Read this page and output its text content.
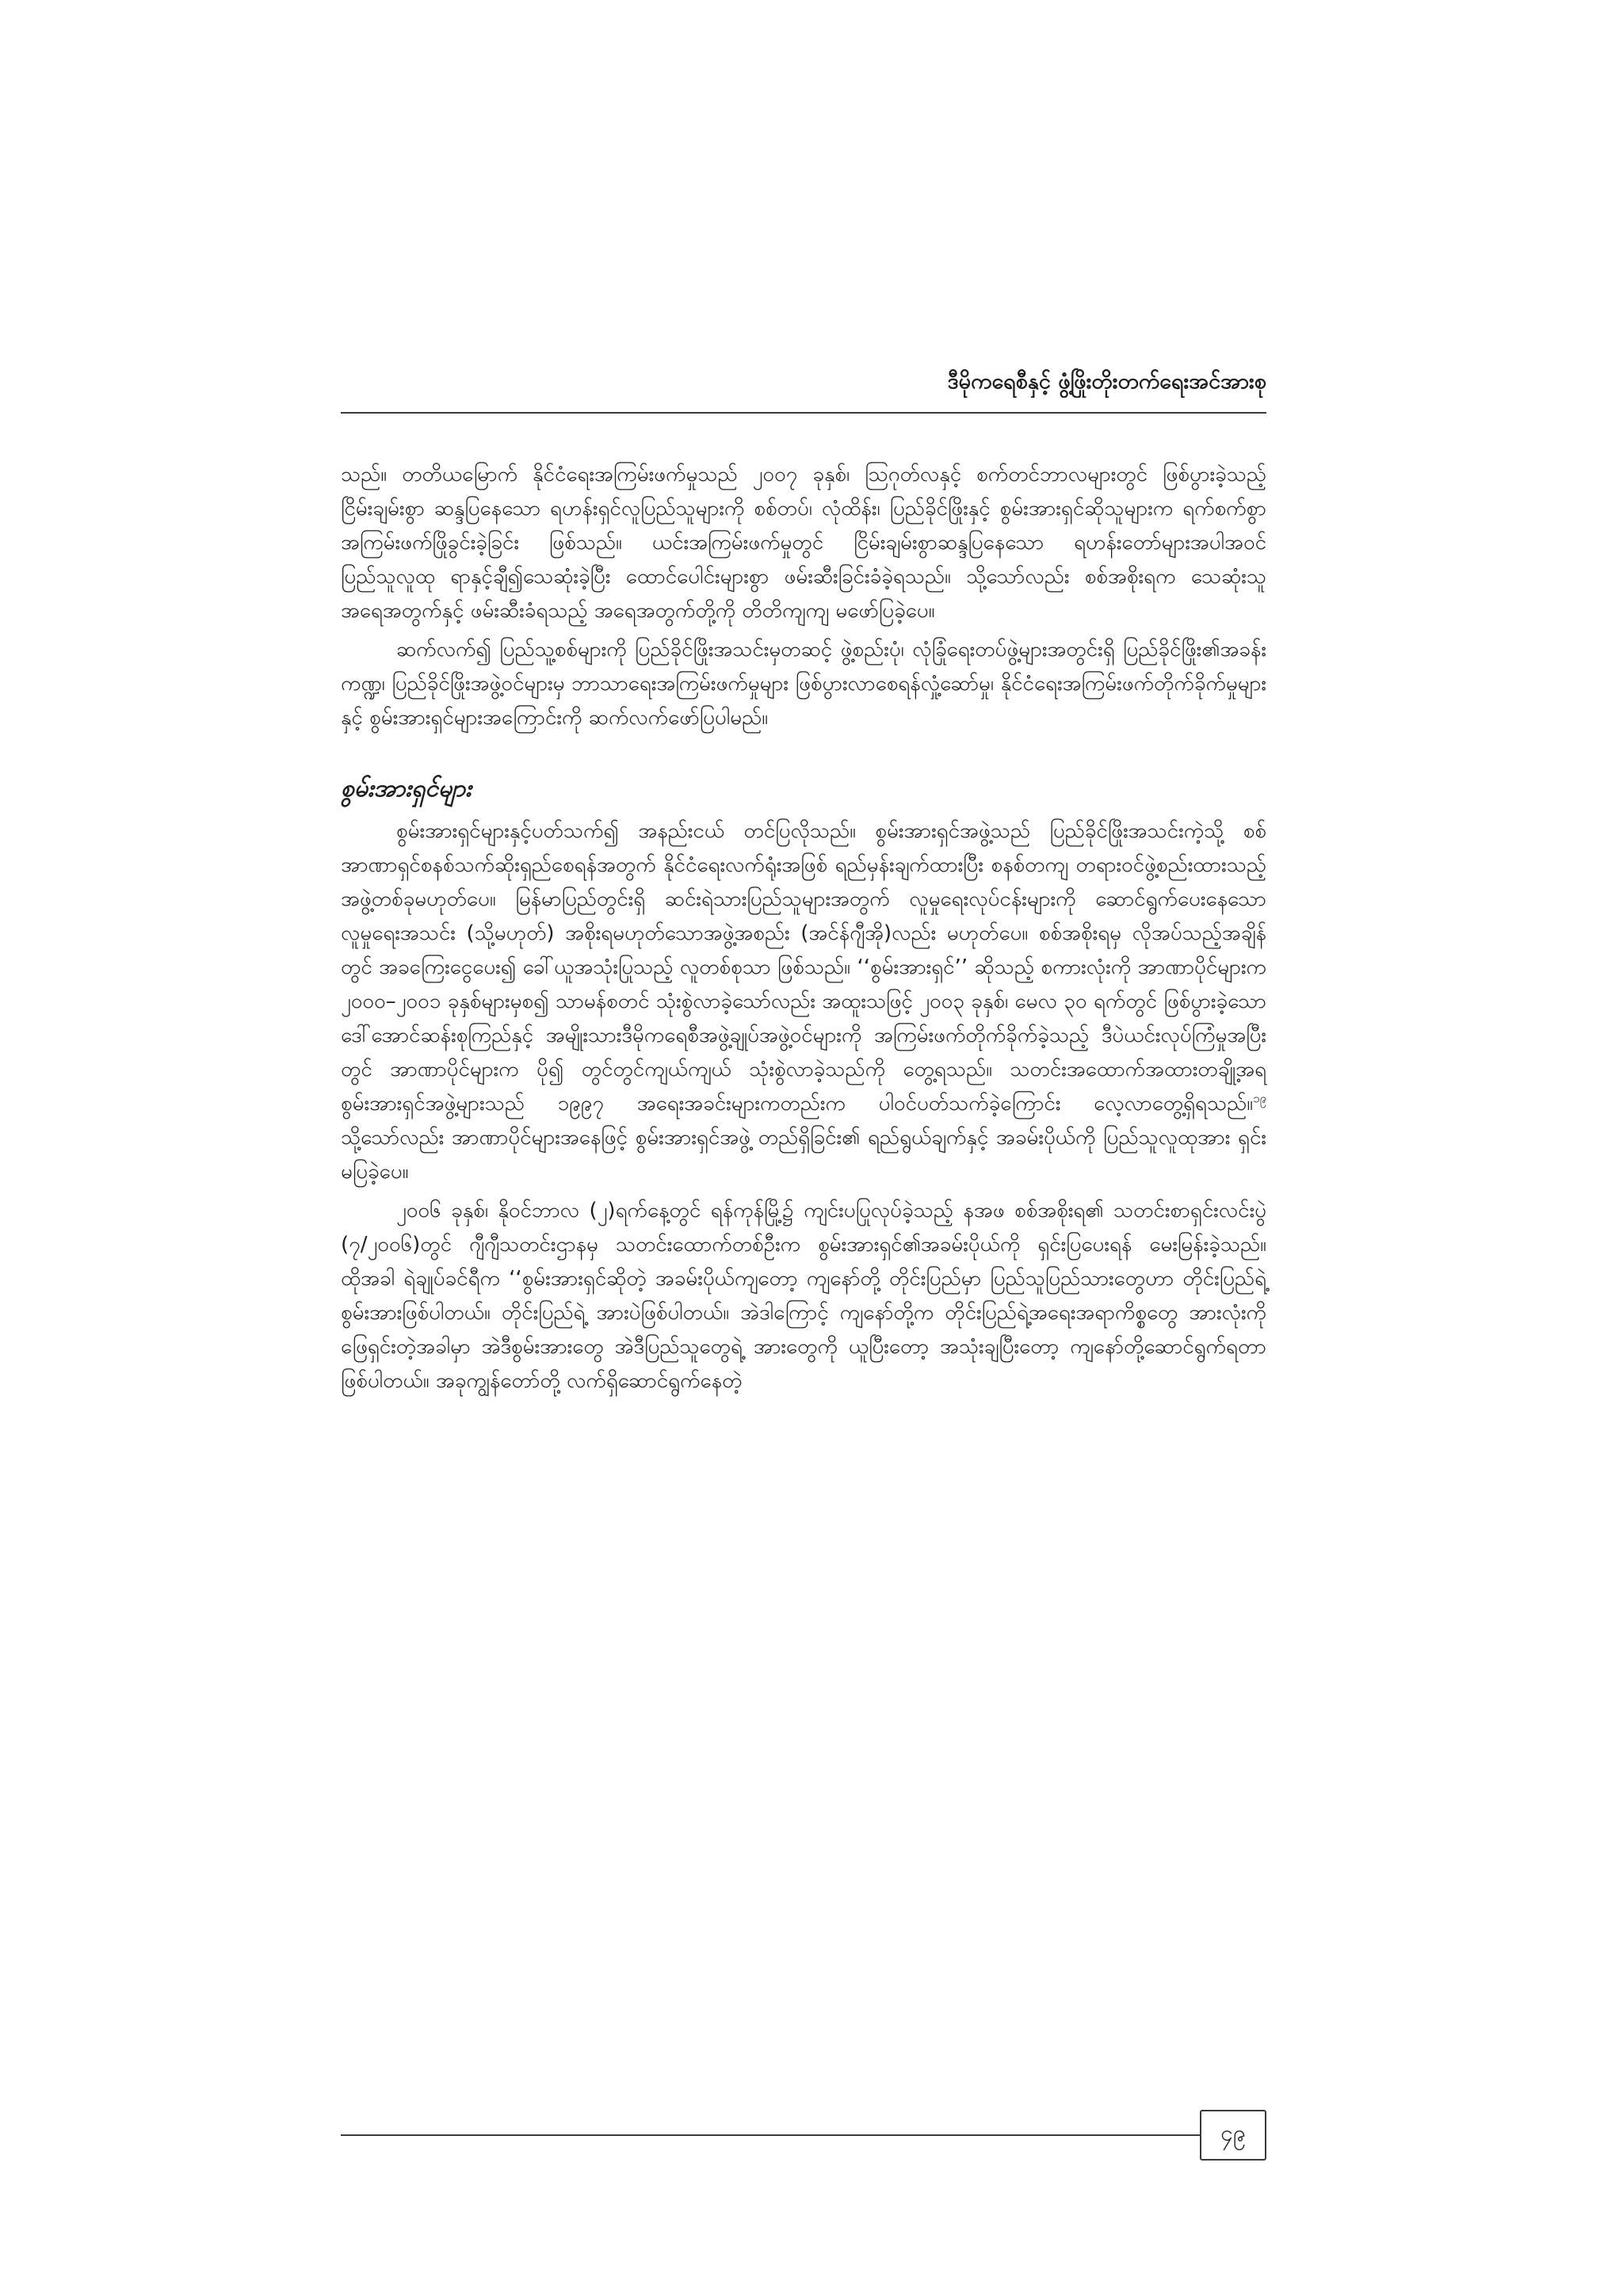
ဒီမိုကရေစီနှင့် ဖွံ့ဖြိုးတိုးတက်ရေးအင်အားစု

သည်။ တတိယမြောက် နိုင်ငံရေးအကြမ်းဖက်မှုသည် ၂၀၀၇ ခုနှစ်၊ သြဂုတ်လနှင့် စက်တင်ဘာလများတွင် ဖြစ်ပွားခဲ့သည့် ငြိမ်းချမ်းစွာ ဆန္ဒပြနေသော ရဟန်းရှင်လူပြည်သူများကို စစ်တပ်၊ လုံထိန်း၊ ပြည်ခိုင်ဖြိုးနှင့် စွမ်းအားရှင်ဆိုသူများက ရက်စက်စွာအကြမ်းဖက်ဖြိုခွင်းခဲ့ခြင်း ဖြစ်သည်။ ယင်းအကြမ်းဖက်မှုတွင် ငြိမ်းချမ်းစွာဆန္ဒပြနေသော ရဟန်းတော်များအပါအဝင် ပြည်သူလူထု ရာနှင့်ချီ၍သေဆုံးခဲ့ပြီး ထောင်ပေါင်းများစွာ ဖမ်းဆီးခြင်းခံခဲ့ရသည်။ သို့သော်လည်း စစ်အစိုးရက သေဆုံးသူအရေအတွက်နှင့် ဖမ်းဆီးခံရသည့် အရေအတွက်တို့ကို တိတိကျကျ မဖော်ပြခဲ့ပေ။

ဆက်လက်၍ ပြည်သူ့စစ်များကို ပြည်ခိုင်ဖြိုးအသင်းမှတဆင့် ဖွဲ့စည်းပုံ၊ လုံခြုံရေးတပ်ဖွဲ့များအတွင်းရှိ ပြည်ခိုင်ဖြိုး၏အခန်းကဏ္ဍ၊ ပြည်ခိုင်ဖြိုးအဖွဲ့ဝင်များမှ ဘာသာရေးအကြမ်းဖက်မှုများ ဖြစ်ပွားလာစေရန်လှုံ့ဆော်မှု၊ နိုင်ငံရေးအကြမ်းဖက်တိုက်ခိုက်မှုများနှင့် စွမ်းအားရှင်များအကြောင်းကို ဆက်လက်ဖော်ပြပါမည်။

စွမ်းအားရှင်များ

စွမ်းအားရှင်များနှင့်ပတ်သက်၍ အနည်းငယ် တင်ပြလိုသည်။ စွမ်းအားရှင်အဖွဲ့သည် ပြည်ခိုင်ဖြိုးအသင်းကဲ့သို့ စစ်အာဏာရှင်စနစ်သက်ဆိုးရှည်စေရန်အတွက် နိုင်ငံရေးလက်ရုံးအဖြစ် ရည်မှန်းချက်ထားပြီး စနစ်တကျ တရားဝင်ဖွဲ့စည်းထားသည့် အဖွဲ့တစ်ခုမဟုတ်ပေ။ မြန်မာပြည်တွင်းရှိ ဆင်းရဲသားပြည်သူများအတွက် လူမှုရေးလုပ်ငန်းများကို ဆောင်ရွက်ပေးနေသော လူမှုရေးအသင်း (သို့မဟုတ်) အစိုးရမဟုတ်သောအဖွဲ့အစည်း (အင်န်ဂျီအို)လည်း မဟုတ်ပေ။ စစ်အစိုးရမှ လိုအပ်သည့်အချိန်တွင် အခကြေးငွေပေး၍ ခေါ်ယူအသုံးပြုသည့် လူတစ်စုသာ ဖြစ်သည်။ ‘‘စွမ်းအားရှင်’’ ဆိုသည့် စကားလုံးကို အာဏာပိုင်များက ၂၀၀၀–၂၀၀၁ ခုနှစ်များမှစ၍ သာမန်စတင် သုံးစွဲလာခဲ့သော်လည်း အထူးသဖြင့် ၂၀၀၃ ခုနှစ်၊ မေလ ၃၀ ရက်တွင် ဖြစ်ပွားခဲ့သော ဒေါ်အောင်ဆန်းစုကြည်နှင့် အမျိုးသားဒီမိုကရေစီအဖွဲ့ချုပ်အဖွဲ့ဝင်များကို အကြမ်းဖက်တိုက်ခိုက်ခဲ့သည့် ဒီပဲယင်းလုပ်ကြံမှုအပြီးတွင် အာဏာပိုင်များက ပို၍ တွင်တွင်ကျယ်ကျယ် သုံးစွဲလာခဲ့သည်ကို တွေ့ရသည်။ သတင်းအထောက်အထားတချို့အရ စွမ်းအားရှင်အဖွဲ့များသည် ၁၉၉၇ အရေးအခင်းများကတည်းက ပါဝင်ပတ်သက်ခဲ့ကြောင်း လေ့လာတွေ့ရှိရသည်။$^{၁၉}$ သို့သော်လည်း အာဏာပိုင်များအနေဖြင့် စွမ်းအားရှင်အဖွဲ့ တည်ရှိခြင်း၏ ရည်ရွယ်ချက်နှင့် အခမ်းပိုယ်ကို ပြည်သူလူထုအား ရှင်းမပြခဲ့ပေ။

၂၀၀၆ ခုနှစ်၊ နိုဝင်ဘာလ (၂)ရက်နေ့တွင် ရန်ကုန်မြို့၌ ကျင်းပပြုလုပ်ခဲ့သည့် နအဖ စစ်အစိုးရ၏ သတင်းစာရှင်းလင်းပွဲ (၇/၂၀၀၆)တွင် ဂျီဂျီသတင်းဌာနမှ သတင်းထောက်တစ်ဦးက စွမ်းအားရှင်၏အခမ်းပိုယ်ကို ရှင်းပြပေးရန် မေးမြန်းခဲ့သည်။ ထိုအခါ ရဲချုပ်ခင်ရီက ‘‘စွမ်းအားရှင်ဆိုတဲ့ အခမ်းပိုယ်ကျတော့ ကျနော်တို့ တိုင်းပြည်မှာ ပြည်သူပြည်သားတွေဟာ တိုင်းပြည်ရဲ့ စွမ်းအားဖြစ်ပါတယ်။ တိုင်းပြည်ရဲ့ အားပဲဖြစ်ပါတယ်။ အဲဒါကြောင့် ကျနော်တို့က တိုင်းပြည်ရဲ့အရေးအရာကိစ္စတွေ အားလုံးကို ဖြေရှင်းတဲ့အခါမှာ အဲဒီစွမ်းအားတွေ အဲဒီပြည်သူတွေရဲ့ အားတွေကို ယူပြီးတော့ အသုံးချပြီးတော့ ကျနော်တို့ဆောင်ရွက်ရတာ ဖြစ်ပါတယ်။ အခုကျွန်တော်တို့ လက်ရှိဆောင်ရွက်နေတဲ့

၄၉
